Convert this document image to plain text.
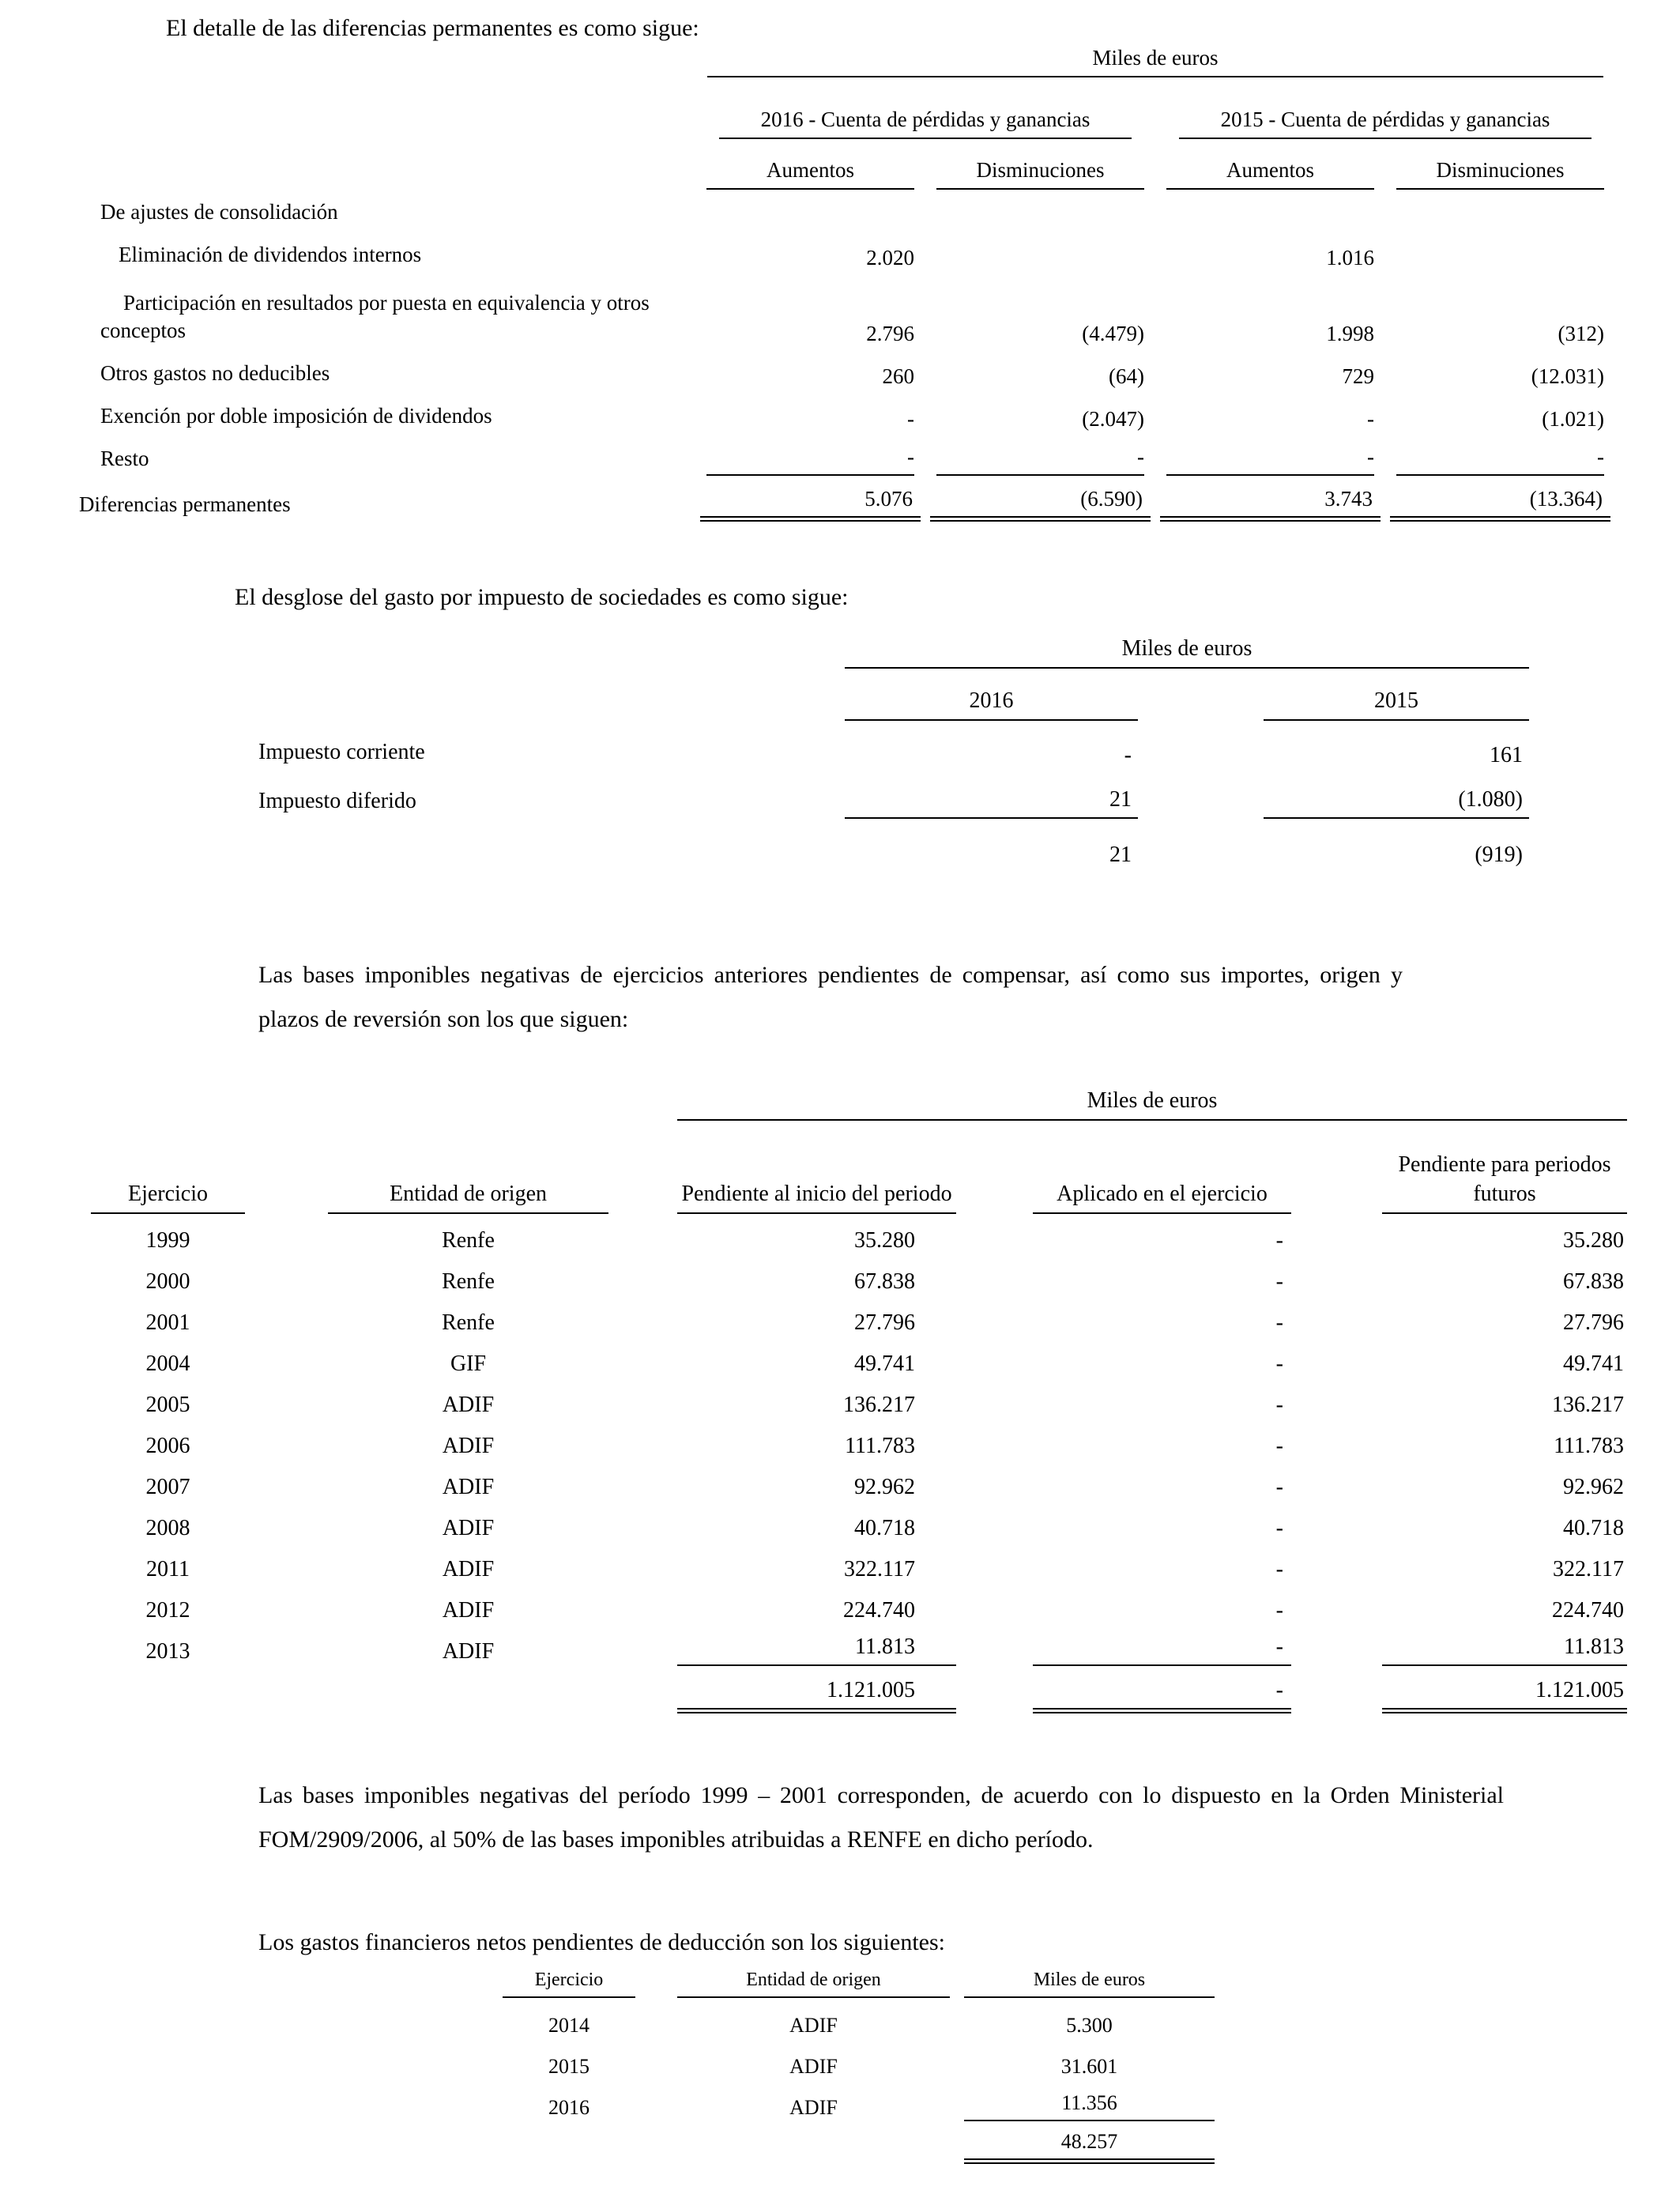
El detalle de las diferencias permanentes es como sigue:

	Miles de euros			

	2016 - Cuenta de pérdidas y ganancias		2015 - Cuenta de pérdidas y ganancias	

	Aumentos	Disminuciones	Aumentos	Disminuciones

De ajustes de consolidación				
Eliminación de dividendos internos	2.020		1.016	

Participación en resultados por puesta en equivalencia y otros conceptos	2.796	(4.479)	1.998	(312)

Otros gastos no deducibles	260	(64)	729	(12.031)

Exención por doble imposición de dividendos	-	(2.047)	-	(1.021)

Resto	-	-	-	-

Diferencias permanentes	5.076	(6.590)	3.743	(13.364)

El desglose del gasto por impuesto de sociedades es como sigue:

	Miles de euros	

	2016	2015

Impuesto corriente	-	161

Impuesto diferido	21	(1.080)

	21	(919)

Las bases imponibles negativas de ejercicios anteriores pendientes de compensar, así como sus importes, origen y plazos de reversión son los que siguen:

		Miles de euros		

Ejercicio	Entidad de origen	Pendiente al inicio del periodo	Aplicado en el ejercicio	Pendiente para periodos futuros

1999	Renfe	35.280	-	35.280

2000	Renfe	67.838	-	67.838

2001	Renfe	27.796	-	27.796

2004	GIF	49.741	-	49.741

2005	ADIF	136.217	-	136.217

2006	ADIF	111.783	-	111.783

2007	ADIF	92.962	-	92.962

2008	ADIF	40.718	-	40.718

2011	ADIF	322.117	-	322.117

2012	ADIF	224.740	-	224.740

2013	ADIF	11.813	-	11.813

		1.121.005	-	1.121.005

Las bases imponibles negativas del período 1999 – 2001 corresponden, de acuerdo con lo dispuesto en la Orden Ministerial FOM/2909/2006, al 50% de las bases imponibles atribuidas a RENFE en dicho período.

Los gastos financieros netos pendientes de deducción son los siguientes:

Ejercicio	Entidad de origen	Miles de euros

2014	ADIF	5.300

2015	ADIF	31.601

2016	ADIF	11.356

		48.257
